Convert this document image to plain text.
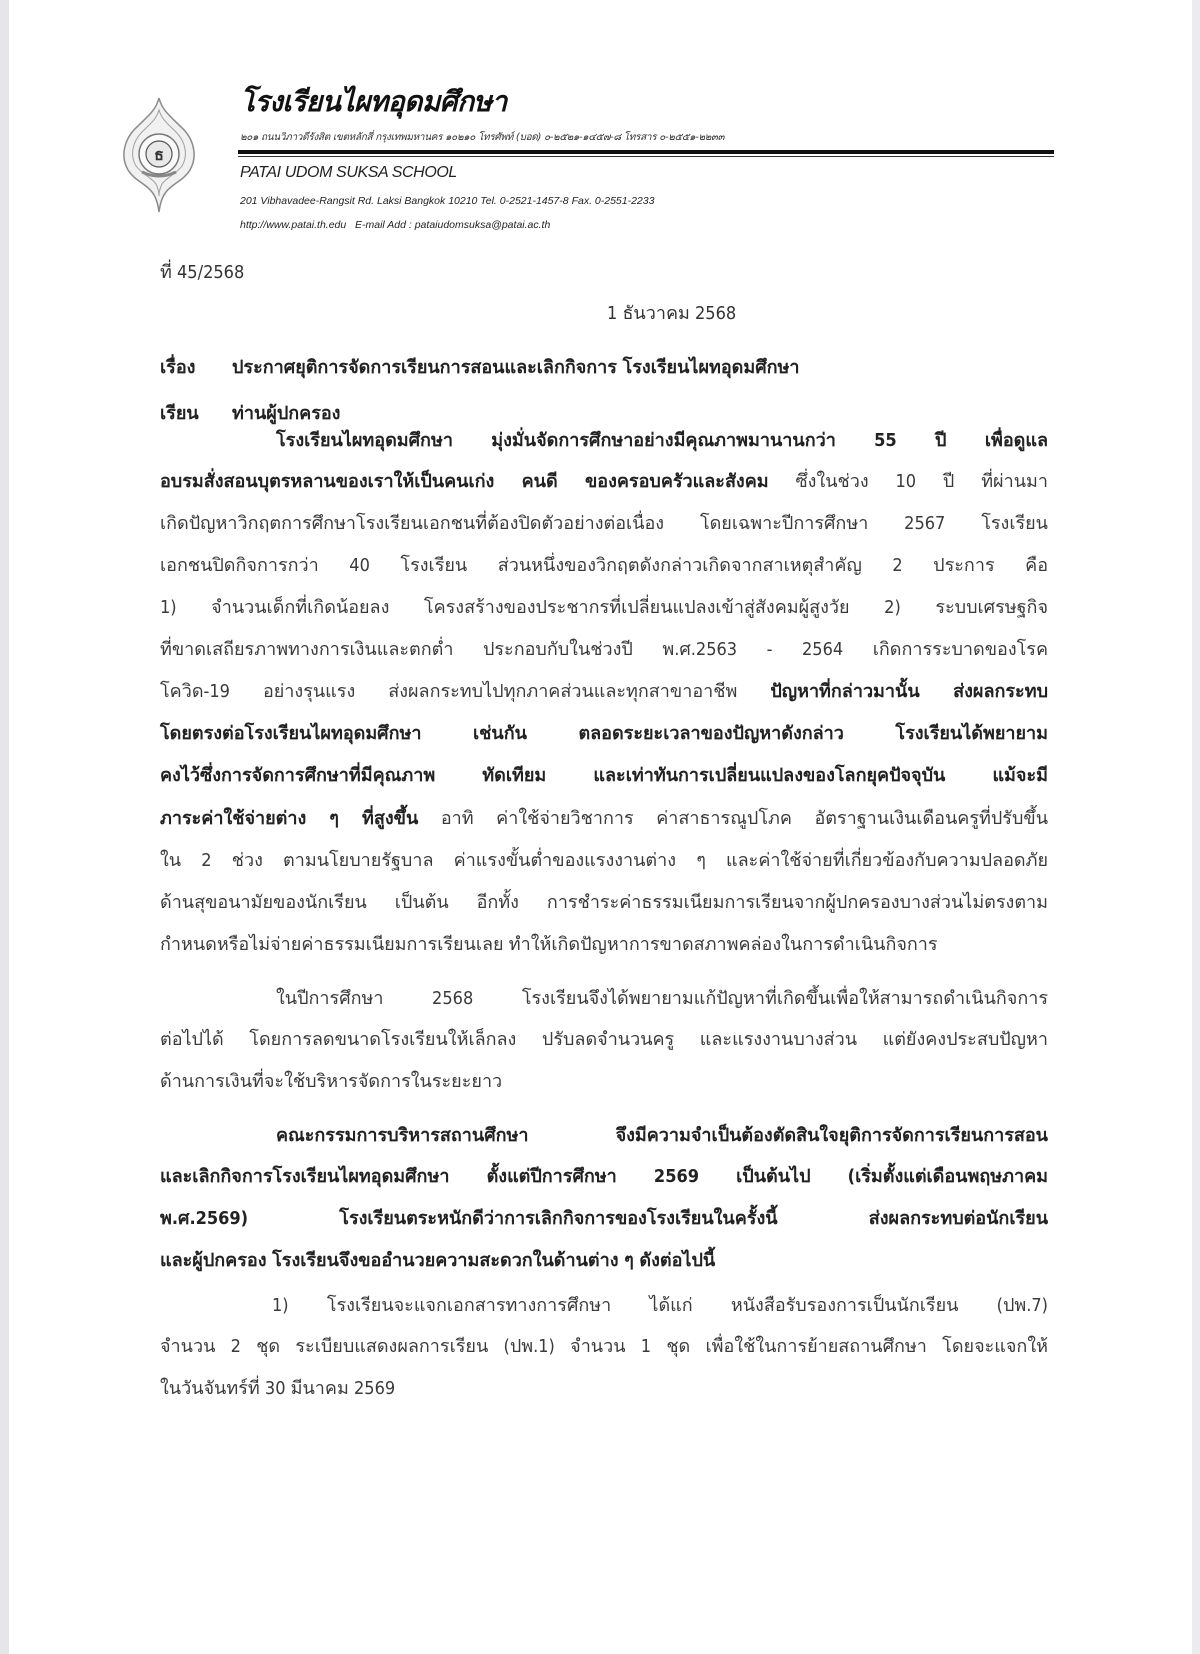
ธ
โรงเรียนไผทอุดมศึกษา
๒๐๑ ถนนวิภาวดีรังสิต เขตหลักสี่ กรุงเทพมหานคร ๑๐๒๑๐ โทรศัพท์ (บอด) ๐-๒๕๒๑-๑๔๕๗-๘ โทรสาร ๐-๒๕๕๑-๒๒๓๓
PATAI UDOM SUKSA SCHOOL
201 Vibhavadee-Rangsit Rd. Laksi Bangkok 10210 Tel. 0-2521-1457-8 Fax. 0-2551-2233
http://www.patai.th.edu E-mail Add : pataiudomsuksa@patai.ac.th
ที่ 45/2568
1 ธันวาคม 2568
เรื่อง ประกาศยุติการจัดการเรียนการสอนและเลิกกิจการ โรงเรียนไผทอุดมศึกษา
เรียน ท่านผู้ปกครอง
โรงเรียนไผทอุดมศึกษา มุ่งมั่นจัดการศึกษาอย่างมีคุณภาพมานานกว่า 55 ปี เพื่อดูแล
อบรมสั่งสอนบุตรหลานของเราให้เป็นคนเก่ง คนดี ของครอบครัวและสังคม ซึ่งในช่วง 10 ปี ที่ผ่านมา
เกิดปัญหาวิกฤตการศึกษาโรงเรียนเอกชนที่ต้องปิดตัวอย่างต่อเนื่อง โดยเฉพาะปีการศึกษา 2567 โรงเรียน
เอกชนปิดกิจการกว่า 40 โรงเรียน ส่วนหนึ่งของวิกฤตดังกล่าวเกิดจากสาเหตุสำคัญ 2 ประการ คือ
1) จำนวนเด็กที่เกิดน้อยลง โครงสร้างของประชากรที่เปลี่ยนแปลงเข้าสู่สังคมผู้สูงวัย 2) ระบบเศรษฐกิจ
ที่ขาดเสถียรภาพทางการเงินและตกต่ำ ประกอบกับในช่วงปี พ.ศ.2563 - 2564 เกิดการระบาดของโรค
โควิด-19 อย่างรุนแรง ส่งผลกระทบไปทุกภาคส่วนและทุกสาขาอาชีพ ปัญหาที่กล่าวมานั้น ส่งผลกระทบ
โดยตรงต่อโรงเรียนไผทอุดมศึกษา เช่นกัน ตลอดระยะเวลาของปัญหาดังกล่าว โรงเรียนได้พยายาม
คงไว้ซึ่งการจัดการศึกษาที่มีคุณภาพ ทัดเทียม และเท่าทันการเปลี่ยนแปลงของโลกยุคปัจจุบัน แม้จะมี
ภาระค่าใช้จ่ายต่าง ๆ ที่สูงขึ้น อาทิ ค่าใช้จ่ายวิชาการ ค่าสาธารณูปโภค อัตราฐานเงินเดือนครูที่ปรับขึ้น
ใน 2 ช่วง ตามนโยบายรัฐบาล ค่าแรงขั้นต่ำของแรงงานต่าง ๆ และค่าใช้จ่ายที่เกี่ยวข้องกับความปลอดภัย
ด้านสุขอนามัยของนักเรียน เป็นต้น อีกทั้ง การชำระค่าธรรมเนียมการเรียนจากผู้ปกครองบางส่วนไม่ตรงตาม
กำหนดหรือไม่จ่ายค่าธรรมเนียมการเรียนเลย ทำให้เกิดปัญหาการขาดสภาพคล่องในการดำเนินกิจการ
ในปีการศึกษา 2568 โรงเรียนจึงได้พยายามแก้ปัญหาที่เกิดขึ้นเพื่อให้สามารถดำเนินกิจการ
ต่อไปได้ โดยการลดขนาดโรงเรียนให้เล็กลง ปรับลดจำนวนครู และแรงงานบางส่วน แต่ยังคงประสบปัญหา
ด้านการเงินที่จะใช้บริหารจัดการในระยะยาว
คณะกรรมการบริหารสถานศึกษา จึงมีความจำเป็นต้องตัดสินใจยุติการจัดการเรียนการสอน
และเลิกกิจการโรงเรียนไผทอุดมศึกษา ตั้งแต่ปีการศึกษา 2569 เป็นต้นไป (เริ่มตั้งแต่เดือนพฤษภาคม
พ.ศ.2569) โรงเรียนตระหนักดีว่าการเลิกกิจการของโรงเรียนในครั้งนี้ ส่งผลกระทบต่อนักเรียน
และผู้ปกครอง โรงเรียนจึงขออำนวยความสะดวกในด้านต่าง ๆ ดังต่อไปนี้
1) โรงเรียนจะแจกเอกสารทางการศึกษา ได้แก่ หนังสือรับรองการเป็นนักเรียน (ปพ.7)
จำนวน 2 ชุด ระเบียบแสดงผลการเรียน (ปพ.1) จำนวน 1 ชุด เพื่อใช้ในการย้ายสถานศึกษา โดยจะแจกให้
ในวันจันทร์ที่ 30 มีนาคม 2569
